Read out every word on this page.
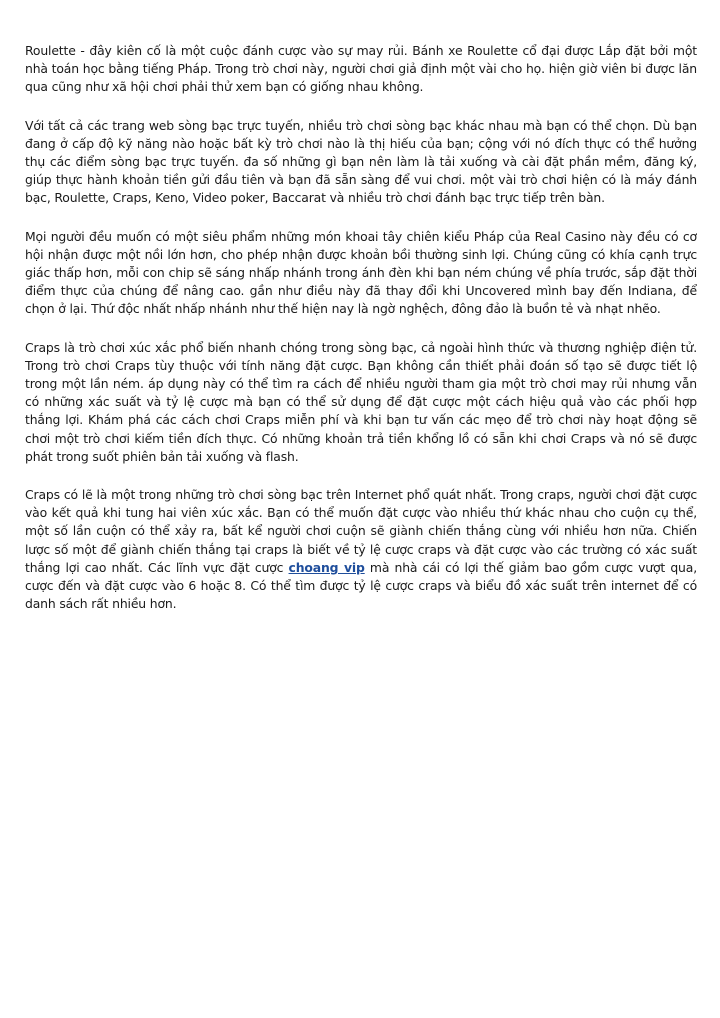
Roulette - đây kiên cố là một cuộc đánh cược vào sự may rủi. Bánh xe Roulette cổ đại được Lắp đặt bởi một nhà toán học bằng tiếng Pháp. Trong trò chơi này, người chơi giả định một vài cho họ. hiện giờ viên bi được lăn qua cũng như xã hội chơi phải thử xem bạn có giống nhau không.

Với tất cả các trang web sòng bạc trực tuyến, nhiều trò chơi sòng bạc khác nhau mà bạn có thể chọn. Dù bạn đang ở cấp độ kỹ năng nào hoặc bất kỳ trò chơi nào là thị hiếu của bạn; cộng với nó đích thực có thể hưởng thụ các điểm sòng bạc trực tuyến. đa số những gì bạn nên làm là tải xuống và cài đặt phần mềm, đăng ký, giúp thực hành khoản tiền gửi đầu tiên và bạn đã sẵn sàng để vui chơi. một vài trò chơi hiện có là máy đánh bạc, Roulette, Craps, Keno, Video poker, Baccarat và nhiều trò chơi đánh bạc trực tiếp trên bàn.

Mọi người đều muốn có một siêu phẩm những món khoai tây chiên kiểu Pháp của Real Casino này đều có cơ hội nhận được một nồi lớn hơn, cho phép nhận được khoản bồi thường sinh lợi. Chúng cũng có khía cạnh trực giác thấp hơn, mỗi con chip sẽ sáng nhấp nhánh trong ánh đèn khi bạn ném chúng về phía trước, sắp đặt thời điểm thực của chúng để nâng cao. gần như điều này đã thay đổi khi Uncovered mình bay đến Indiana, để chọn ở lại. Thứ độc nhất nhấp nhánh như thế hiện nay là ngờ nghệch, đông đảo là buồn tẻ và nhạt nhẽo.

Craps là trò chơi xúc xắc phổ biến nhanh chóng trong sòng bạc, cả ngoài hình thức và thương nghiệp điện tử. Trong trò chơi Craps tùy thuộc với tính năng đặt cược. Bạn không cần thiết phải đoán số tạo sẽ được tiết lộ trong một lần ném. áp dụng này có thể tìm ra cách để nhiều người tham gia một trò chơi may rủi nhưng vẫn có những xác suất và tỷ lệ cược mà bạn có thể sử dụng để đặt cược một cách hiệu quả vào các phối hợp thắng lợi. Khám phá các cách chơi Craps miễn phí và khi bạn tư vấn các mẹo để trò chơi này hoạt động sẽ chơi một trò chơi kiếm tiền đích thực. Có những khoản trả tiền khổng lồ có sẵn khi chơi Craps và nó sẽ được phát trong suốt phiên bản tải xuống và flash.

Craps có lẽ là một trong những trò chơi sòng bạc trên Internet phổ quát nhất. Trong craps, người chơi đặt cược vào kết quả khi tung hai viên xúc xắc. Bạn có thể muốn đặt cược vào nhiều thứ khác nhau cho cuộn cụ thể, một số lần cuộn có thể xảy ra, bất kể người chơi cuộn sẽ giành chiến thắng cùng với nhiều hơn nữa. Chiến lược số một để giành chiến thắng tại craps là biết về tỷ lệ cược craps và đặt cược vào các trường có xác suất thắng lợi cao nhất. Các lĩnh vực đặt cược choang vip mà nhà cái có lợi thế giảm bao gồm cược vượt qua, cược đến và đặt cược vào 6 hoặc 8. Có thể tìm được tỷ lệ cược craps và biểu đồ xác suất trên internet để có danh sách rất nhiều hơn.
